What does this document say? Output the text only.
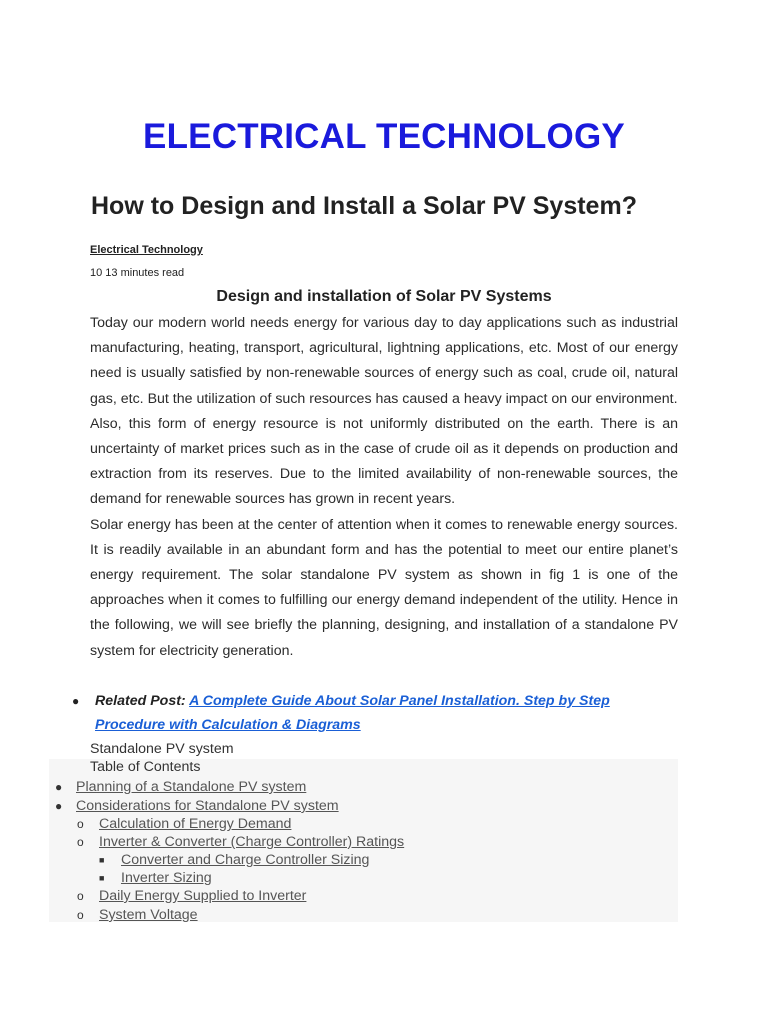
ELECTRICAL TECHNOLOGY
How to Design and Install a Solar PV System?
Electrical Technology
10 13 minutes read
Design and installation of Solar PV Systems

Today our modern world needs energy for various day to day applications such as industrial manufacturing, heating, transport, agricultural, lightning applications, etc. Most of our energy need is usually satisfied by non-renewable sources of energy such as coal, crude oil, natural gas, etc. But the utilization of such resources has caused a heavy impact on our environment.

Also, this form of energy resource is not uniformly distributed on the earth. There is an uncertainty of market prices such as in the case of crude oil as it depends on production and extraction from its reserves. Due to the limited availability of non-renewable sources, the demand for renewable sources has grown in recent years.

Solar energy has been at the center of attention when it comes to renewable energy sources. It is readily available in an abundant form and has the potential to meet our entire planet’s energy requirement. The solar standalone PV system as shown in fig 1 is one of the approaches when it comes to fulfilling our energy demand independent of the utility. Hence in the following, we will see briefly the planning, designing, and installation of a standalone PV system for electricity generation.

● Related Post: A Complete Guide About Solar Panel Installation. Step by Step Procedure with Calculation & Diagrams
Standalone PV system
Table of Contents
● Planning of a Standalone PV system
● Considerations for Standalone PV system
o Calculation of Energy Demand
o Inverter & Converter (Charge Controller) Ratings
■ Converter and Charge Controller Sizing
■ Inverter Sizing
o Daily Energy Supplied to Inverter
o System Voltage
